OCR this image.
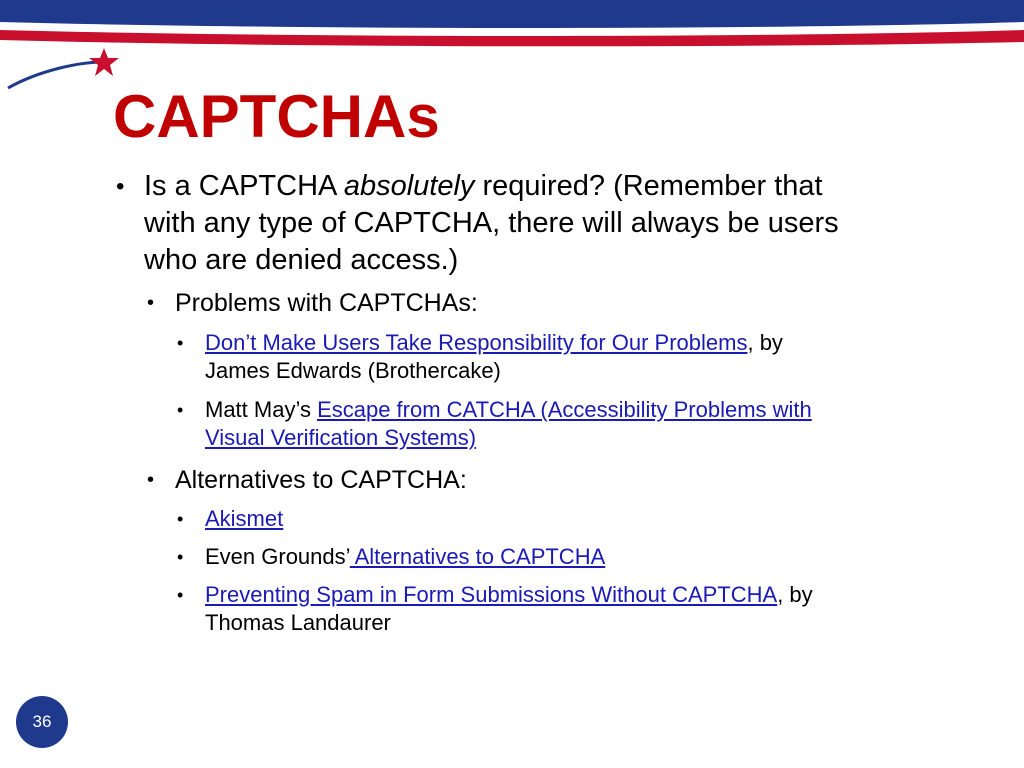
CAPTCHAs
• Is a CAPTCHA absolutely required? (Remember that
with any type of CAPTCHA, there will always be users
who are denied access.)
• Problems with CAPTCHAs:
• Don’t Make Users Take Responsibility for Our Problems, by
James Edwards (Brothercake)
• Matt May’s Escape from CATCHA (Accessibility Problems with
Visual Verification Systems)
• Alternatives to CAPTCHA:
• Akismet
• Even Grounds’ Alternatives to CAPTCHA
• Preventing Spam in Form Submissions Without CAPTCHA, by
Thomas Landaurer
36
